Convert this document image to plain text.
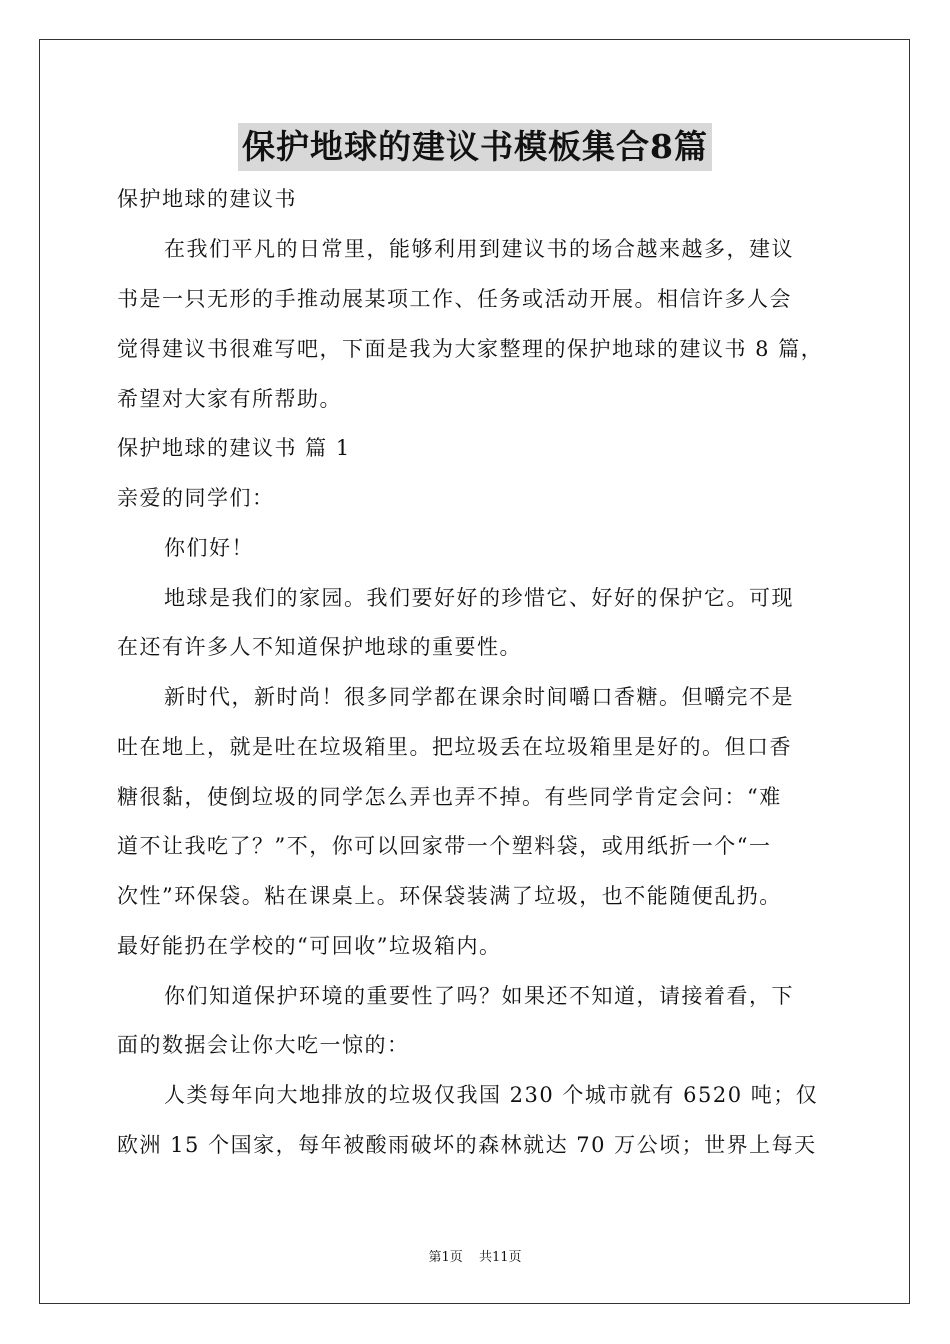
保护地球的建议书模板集合8篇
保护地球的建议书
在我们平凡的日常里，能够利用到建议书的场合越来越多，建议
书是一只无形的手推动展某项工作、任务或活动开展。相信许多人会
觉得建议书很难写吧，下面是我为大家整理的保护地球的建议书 8 篇，
希望对大家有所帮助。
保护地球的建议书 篇 1
亲爱的同学们：
你们好！
地球是我们的家园。我们要好好的珍惜它、好好的保护它。可现
在还有许多人不知道保护地球的重要性。
新时代，新时尚！很多同学都在课余时间嚼口香糖。但嚼完不是
吐在地上，就是吐在垃圾箱里。把垃圾丢在垃圾箱里是好的。但口香
糖很黏，使倒垃圾的同学怎么弄也弄不掉。有些同学肯定会问：“难
道不让我吃了？”不，你可以回家带一个塑料袋，或用纸折一个“一
次性”环保袋。粘在课桌上。环保袋装满了垃圾，也不能随便乱扔。
最好能扔在学校的“可回收”垃圾箱内。
你们知道保护环境的重要性了吗？如果还不知道，请接着看，下
面的数据会让你大吃一惊的：
人类每年向大地排放的垃圾仅我国 230 个城市就有 6520 吨；仅
欧洲 15 个国家，每年被酸雨破坏的森林就达 70 万公顷；世界上每天
第1页 共11页
